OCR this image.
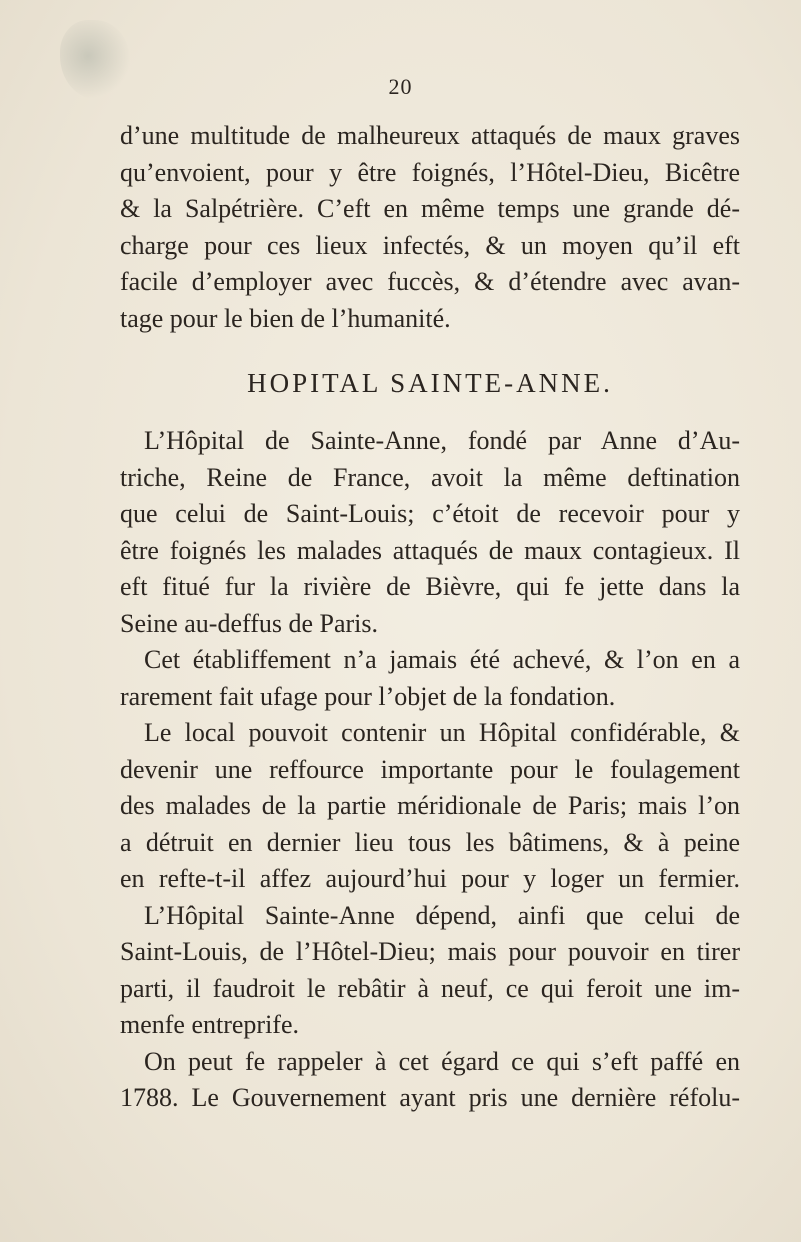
20
d’une multitude de malheureux attaqués de maux graves
qu’envoient, pour y être foignés, l’Hôtel-Dieu, Bicêtre
& la Salpétrière. C’eft en même temps une grande dé-
charge pour ces lieux infectés, & un moyen qu’il eft
facile d’employer avec fuccès, & d’étendre avec avan-
tage pour le bien de l’humanité.
HOPITAL SAINTE-ANNE.
L’Hôpital de Sainte-Anne, fondé par Anne d’Au-
triche, Reine de France, avoit la même deftination
que celui de Saint-Louis; c’étoit de recevoir pour y
être foignés les malades attaqués de maux contagieux. Il
eft fitué fur la rivière de Bièvre, qui fe jette dans la
Seine au-deffus de Paris.
Cet établiffement n’a jamais été achevé, & l’on en a
rarement fait ufage pour l’objet de la fondation.
Le local pouvoit contenir un Hôpital confidérable, &
devenir une reffource importante pour le foulagement
des malades de la partie méridionale de Paris; mais l’on
a détruit en dernier lieu tous les bâtimens, & à peine
en refte-t-il affez aujourd’hui pour y loger un fermier.
L’Hôpital Sainte-Anne dépend, ainfi que celui de
Saint-Louis, de l’Hôtel-Dieu; mais pour pouvoir en tirer
parti, il faudroit le rebâtir à neuf, ce qui feroit une im-
menfe entreprife.
On peut fe rappeler à cet égard ce qui s’eft paffé en
1788. Le Gouvernement ayant pris une dernière réfolu-
